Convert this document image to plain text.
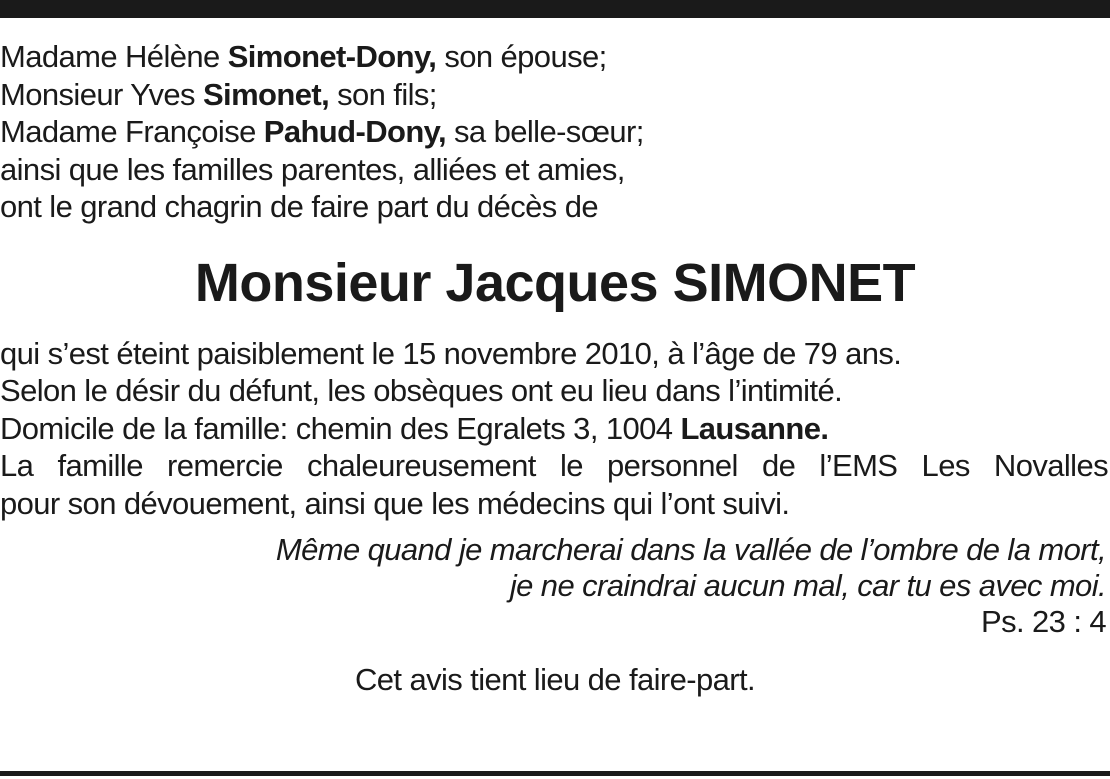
Madame Hélène Simonet-Dony, son épouse;
Monsieur Yves Simonet, son fils;
Madame Françoise Pahud-Dony, sa belle-sœur;
ainsi que les familles parentes, alliées et amies,
ont le grand chagrin de faire part du décès de
Monsieur Jacques SIMONET
qui s’est éteint paisiblement le 15 novembre 2010, à l’âge de 79 ans.
Selon le désir du défunt, les obsèques ont eu lieu dans l’intimité.
Domicile de la famille: chemin des Egralets 3, 1004 Lausanne.
La famille remercie chaleureusement le personnel de l’EMS Les Novalles
pour son dévouement, ainsi que les médecins qui l’ont suivi.
Même quand je marcherai dans la vallée de l’ombre de la mort,
je ne craindrai aucun mal, car tu es avec moi.
Ps. 23 : 4
Cet avis tient lieu de faire-part.
